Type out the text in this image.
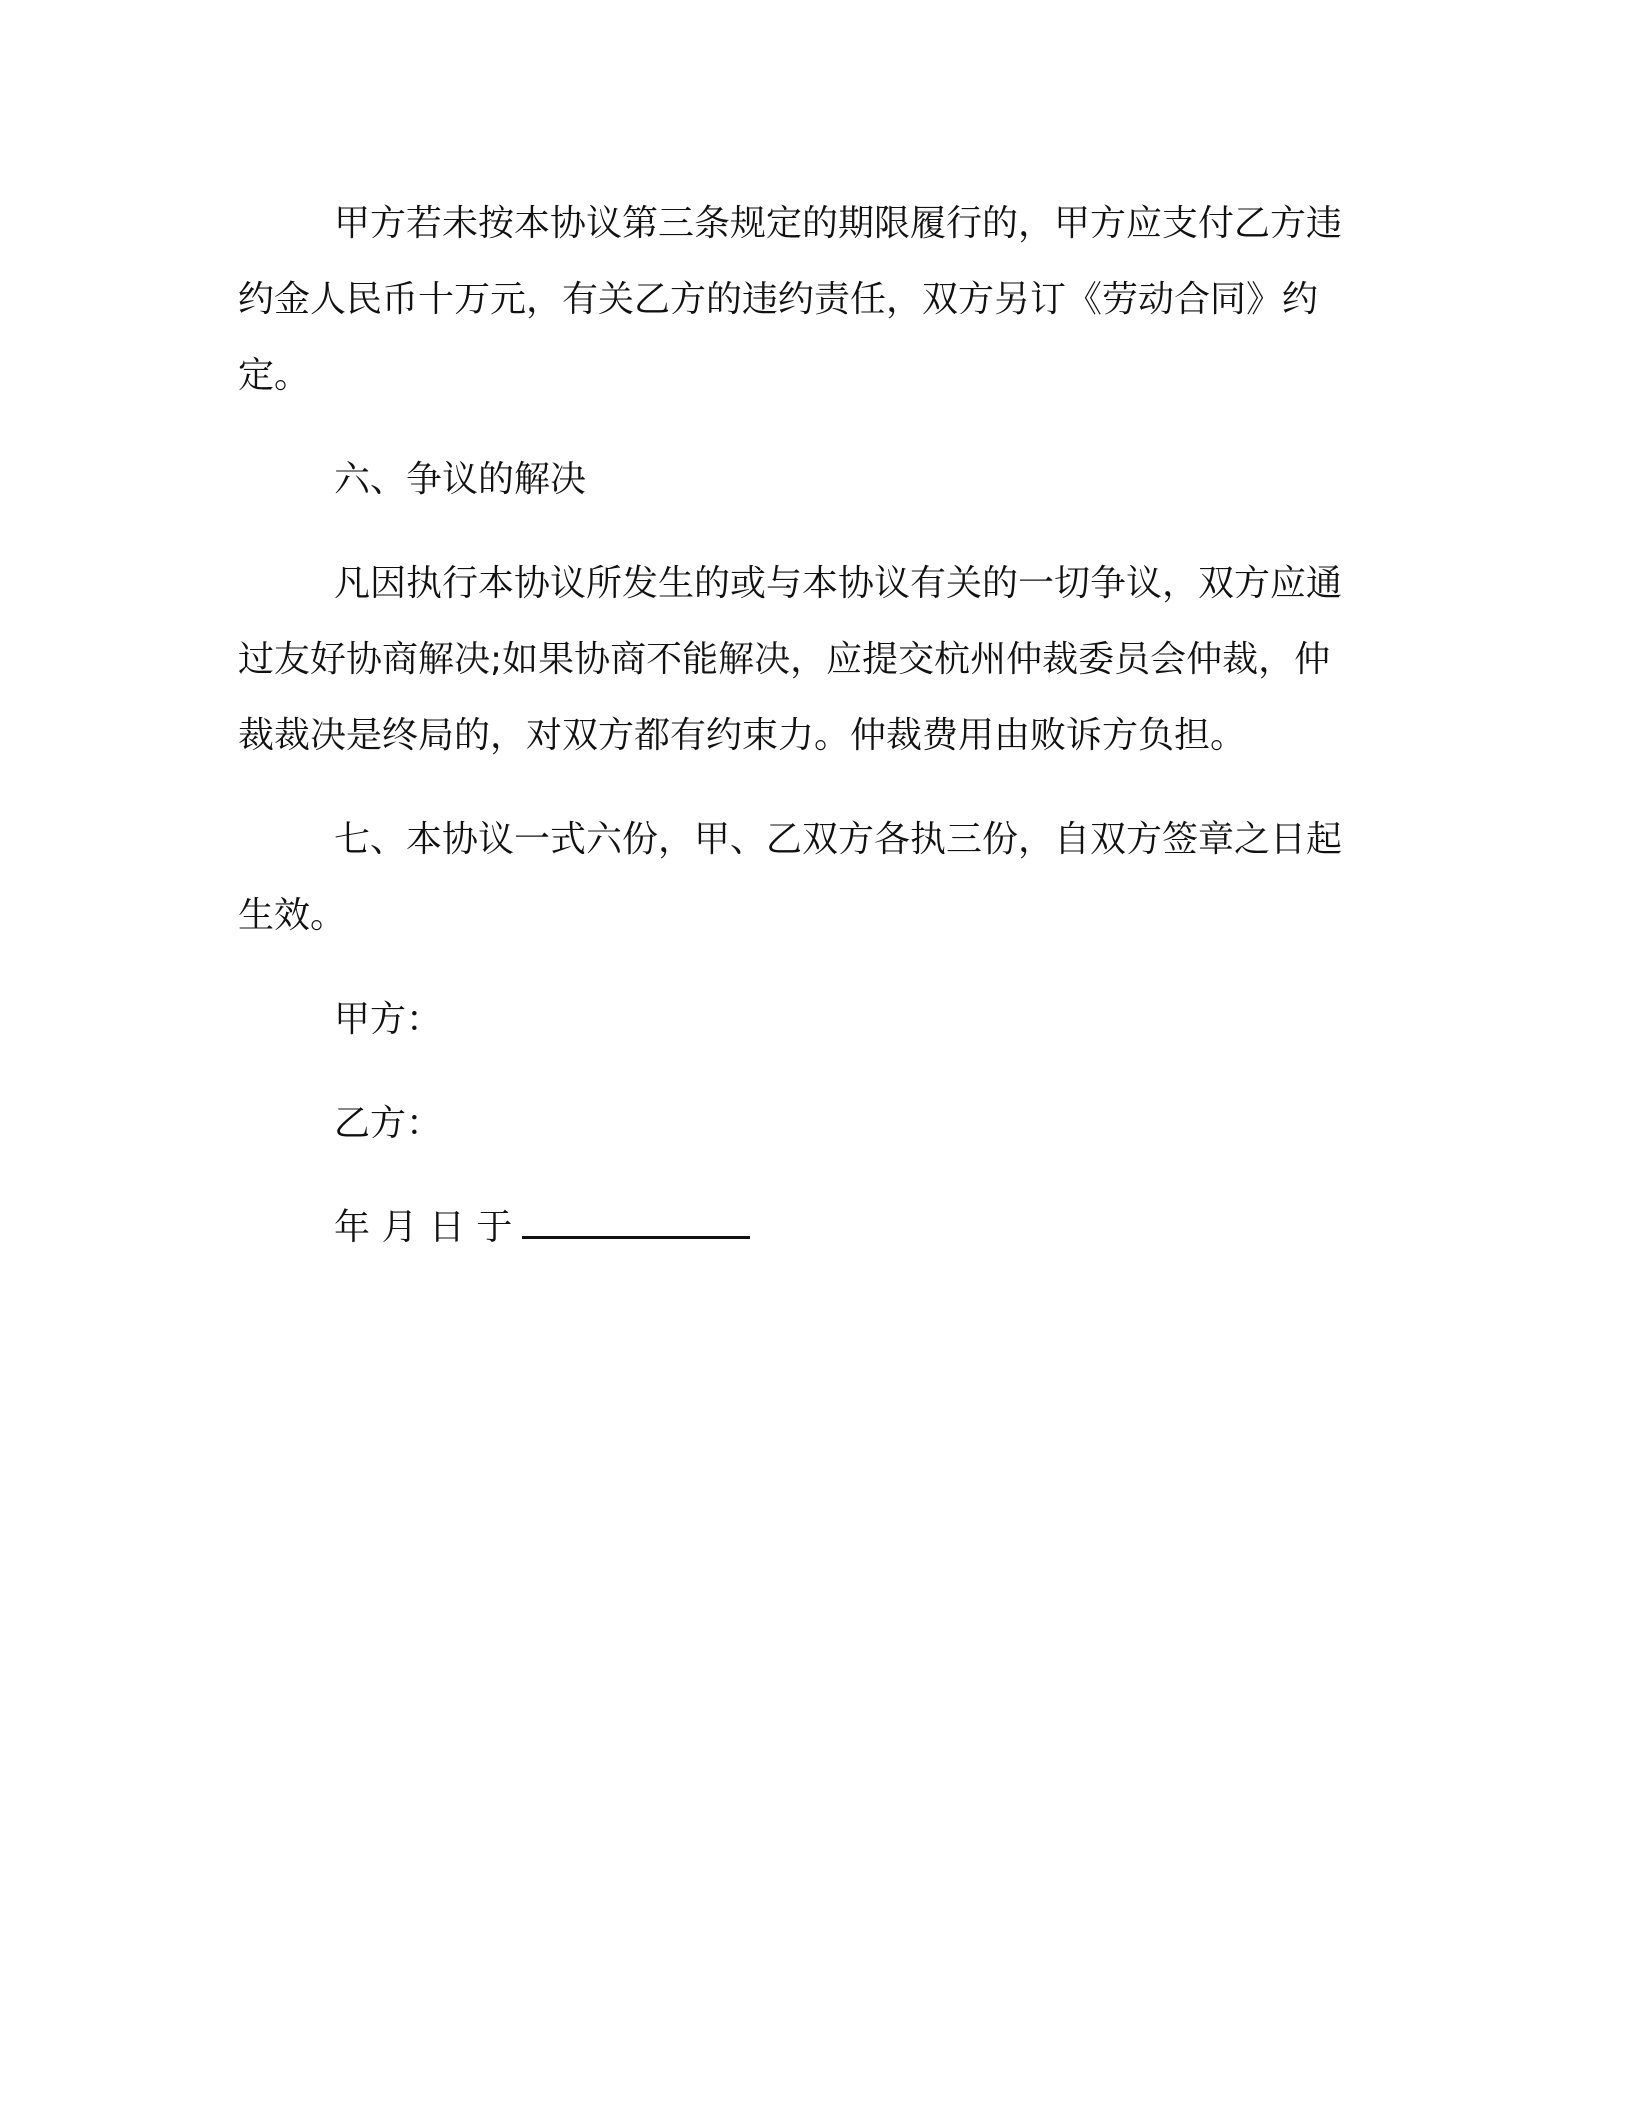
甲方若未按本协议第三条规定的期限履行的，甲方应支付乙方违
约金人民币十万元，有关乙方的违约责任，双方另订《劳动合同》约
定。
六、争议的解决
凡因执行本协议所发生的或与本协议有关的一切争议，双方应通
过友好协商解决;如果协商不能解决，应提交杭州仲裁委员会仲裁，仲
裁裁决是终局的，对双方都有约束力。仲裁费用由败诉方负担。
七、本协议一式六份，甲、乙双方各执三份，自双方签章之日起
生效。

甲方：

乙方：

年 月 日 于
